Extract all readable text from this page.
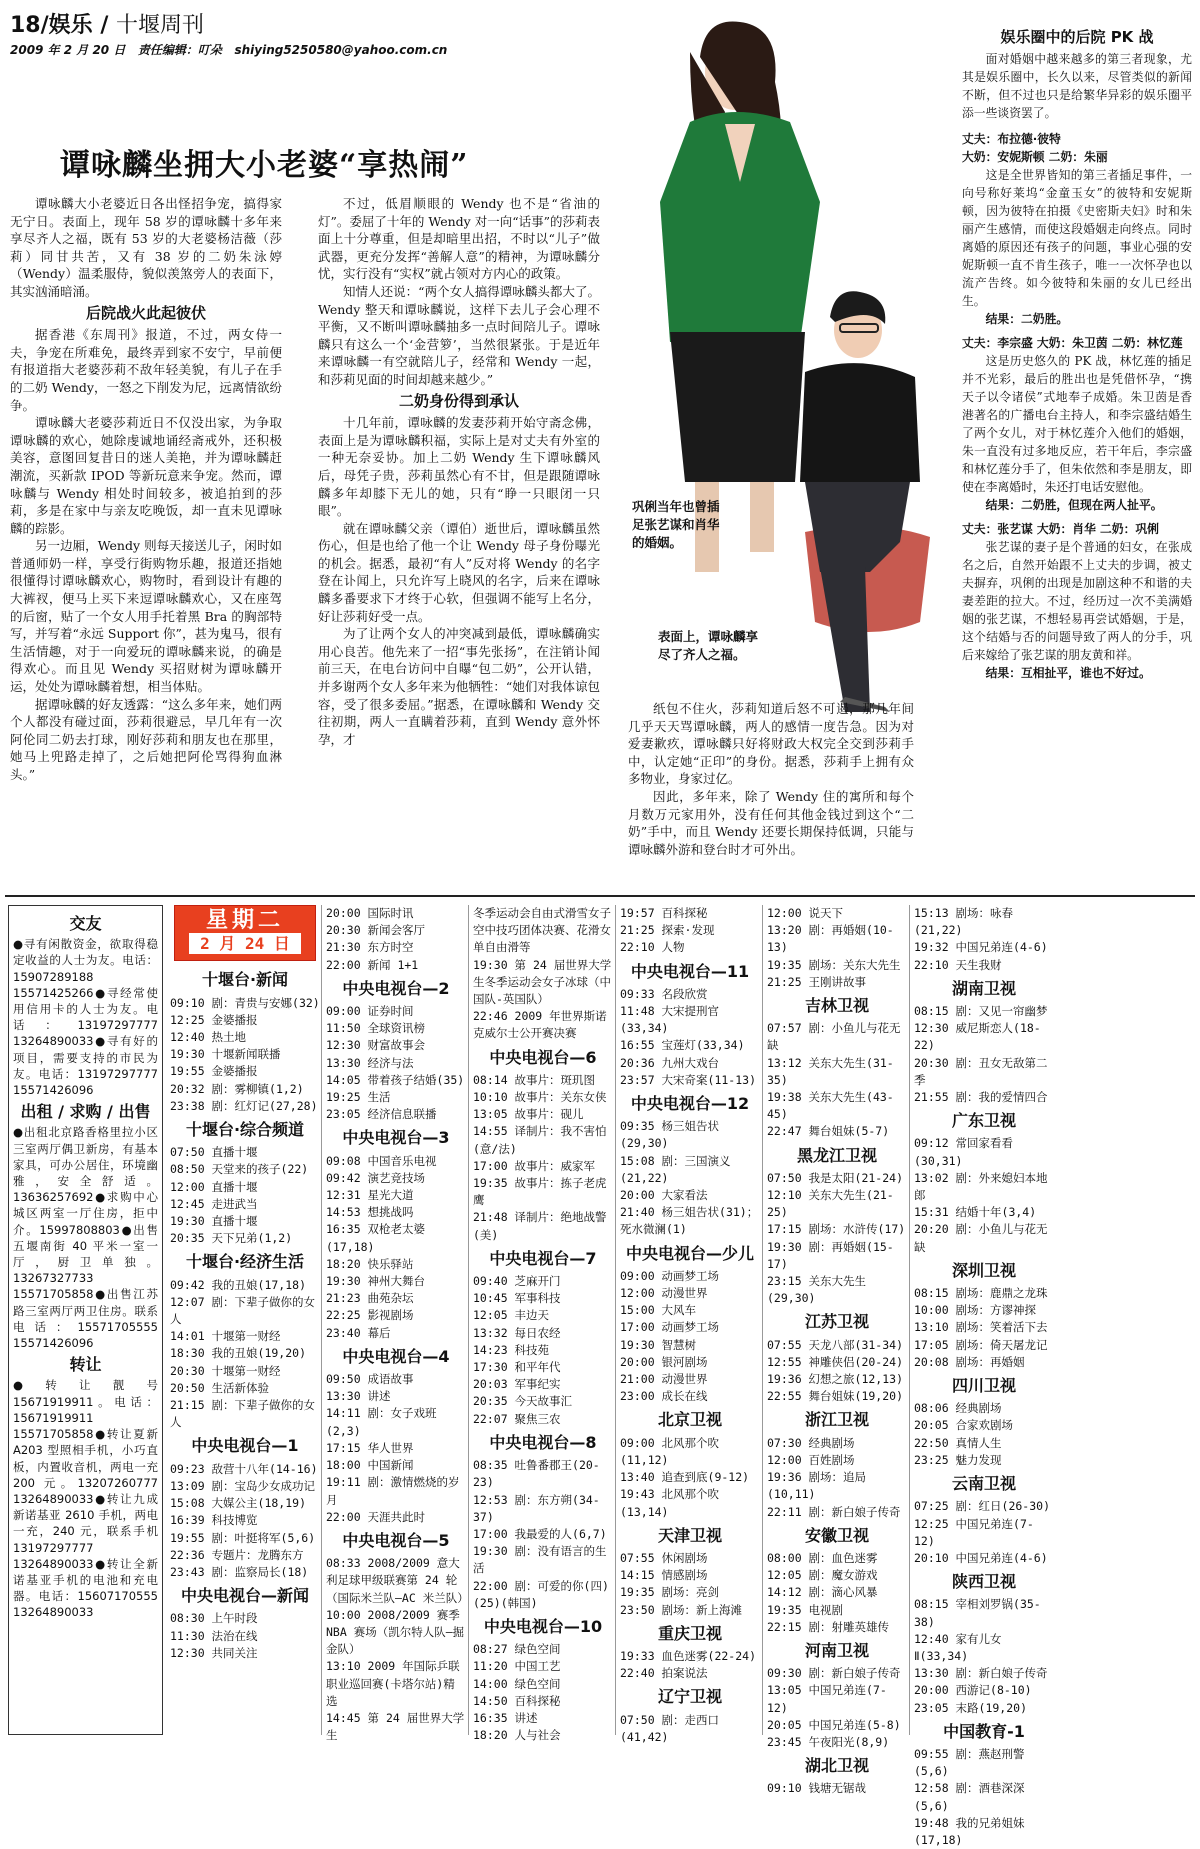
18/娱乐 / 十堰周刊
2009 年 2 月 20 日 责任编辑：叮朵 shiying5250580@yahoo.com.cn
谭咏麟坐拥大小老婆“享热闹”

谭咏麟大小老婆近日各出怪招争宠，搞得家无宁日。表面上，现年 58 岁的谭咏麟十多年来享尽齐人之福，既有 53 岁的大老婆杨洁薇（莎莉）同甘共苦，又有 38 岁的二奶朱泳婷（Wendy）温柔服侍，貌似羡煞旁人的表面下，其实汹涌暗涌。

后院战火此起彼伏

据香港《东周刊》报道，不过，两女侍一夫，争宠在所难免，最终弄到家不安宁，早前便有报道指大老婆莎莉不敌年轻美貌，有儿子在手的二奶 Wendy，一怒之下削发为尼，远离情欲纷争。

谭咏麟大老婆莎莉近日不仅没出家，为争取谭咏麟的欢心，她除虔诚地诵经斋戒外，还积极美容，意图回复昔日的迷人美艳，并为谭咏麟赶潮流，买新款 IPOD 等新玩意来争宠。然而，谭咏麟与 Wendy 相处时间较多，被追拍到的莎莉，多是在家中与亲友吃晚饭，却一直未见谭咏麟的踪影。

另一边厢，Wendy 则每天接送儿子，闲时如普通师奶一样，享受行街购物乐趣，报道还指她很懂得讨谭咏麟欢心，购物时，看到设计有趣的大裤衩，便马上买下来逗谭咏麟欢心，又在座驾的后窗，贴了一个女人用手托着黑 Bra 的胸部特写，并写着“永远 Support 你”，甚为鬼马，很有生活情趣，对于一向爱玩的谭咏麟来说，的确是得欢心。而且见 Wendy 买招财树为谭咏麟开运，处处为谭咏麟着想，相当体贴。

据谭咏麟的好友透露：“这么多年来，她们两个人都没有碰过面，莎莉很避忌，早几年有一次阿伦同二奶去打球，刚好莎莉和朋友也在那里，她马上兜路走掉了，之后她把阿伦骂得狗血淋头。”

不过，低眉顺眼的 Wendy 也不是“省油的灯”。委屈了十年的 Wendy 对一向“话事”的莎莉表面上十分尊重，但是却暗里出招，不时以“儿子”做武器，更充分发挥“善解人意”的精神，为谭咏麟分忧，实行没有“实权”就占领对方内心的政策。

知情人还说：“两个女人搞得谭咏麟头都大了。Wendy 整天和谭咏麟说，这样下去儿子会心理不平衡，又不断叫谭咏麟抽多一点时间陪儿子。谭咏麟只有这么一个‘金营箩’，当然很紧张。于是近年来谭咏麟一有空就陪儿子，经常和 Wendy 一起，和莎莉见面的时间却越来越少。”

二奶身份得到承认

十几年前，谭咏麟的发妻莎莉开始守斋念佛，表面上是为谭咏麟积福，实际上是对丈夫有外室的一种无奈妥协。加上二奶 Wendy 生下谭咏麟风后，母凭子贵，莎莉虽然心有不甘，但是跟随谭咏麟多年却膝下无儿的她，只有“睁一只眼闭一只眼”。

就在谭咏麟父亲（谭伯）逝世后，谭咏麟虽然伤心，但是也给了他一个让 Wendy 母子身份曝光的机会。据悉，最初“有人”反对将 Wendy 的名字登在讣闻上，只允许写上晓风的名字，后来在谭咏麟多番要求下才终于心软，但强调不能写上名分，好让莎莉好受一点。

为了让两个女人的冲突减到最低，谭咏麟确实用心良苦。他先来了一招“事先张扬”，在注销讣闻前三天，在电台访问中自曝“包二奶”，公开认错，并多谢两个女人多年来为他牺牲：“她们对我体谅包容，受了很多委屈。”据悉，在谭咏麟和 Wendy 交往初期，两人一直瞒着莎莉，直到 Wendy 意外怀孕，才

巩俐当年也曾插足张艺谋和肖华的婚姻。
表面上，谭咏麟享尽了齐人之福。

纸包不住火，莎莉知道后怒不可遏，那几年间几乎天天骂谭咏麟，两人的感情一度告急。因为对爱妻歉疚，谭咏麟只好将财政大权完全交到莎莉手中，认定她“正印”的身份。据悉，莎莉手上拥有众多物业，身家过亿。

因此，多年来，除了 Wendy 住的寓所和每个月数万元家用外，没有任何其他金钱过到这个“二奶”手中，而且 Wendy 还要长期保持低调，只能与谭咏麟外游和登台时才可外出。

娱乐圈中的后院 PK 战

面对婚姻中越来越多的第三者现象，尤其是娱乐圈中，长久以来，尽管类似的新闻不断，但不过也只是给繁华异彩的娱乐圈平添一些谈资罢了。

丈夫：布拉德·彼特
大奶：安妮斯顿 二奶：朱丽

这是全世界皆知的第三者插足事件，一向号称好莱坞“金童玉女”的彼特和安妮斯顿，因为彼特在拍摄《史密斯夫妇》时和朱丽产生感情，而使这段婚姻走向终点。同时离婚的原因还有孩子的问题，事业心强的安妮斯顿一直不肯生孩子，唯一一次怀孕也以流产告终。如今彼特和朱丽的女儿已经出生。

结果：二奶胜。

丈夫：李宗盛 大奶：朱卫茵 二奶：林忆莲

这是历史悠久的 PK 战，林忆莲的插足并不光彩，最后的胜出也是凭借怀孕，“携天子以令诸侯”式地奉子成婚。朱卫茵是香港著名的广播电台主持人，和李宗盛结婚生了两个女儿，对于林忆莲介入他们的婚姻，朱一直没有过多地反应，若干年后，李宗盛和林忆莲分手了，但朱依然和李是朋友，即使在李离婚时，朱还打电话安慰他。

结果：二奶胜，但现在两人扯平。

丈夫：张艺谋 大奶：肖华 二奶：巩俐

张艺谋的妻子是个普通的妇女，在张成名之后，自然开始跟不上丈夫的步调，被丈夫摒弃，巩俐的出现是加剧这种不和谐的夫妻差距的拉大。不过，经历过一次不美满婚姻的张艺谋，不想轻易再尝试婚姻，于是，这个结婚与否的问题导致了两人的分手，巩后来嫁给了张艺谋的朋友黄和祥。

结果：互相扯平，谁也不好过。
交友
●寻有闲散资金，欲取得稳定收益的人士为友。电话：15907289188 15571425266●寻经常使用信用卡的人士为友。电话：13197297777 13264890033●寻有好的项目，需要支持的市民为友。电话：13197297777 15571426096
出租 / 求购 / 出售
●出租北京路香格里拉小区三室两厅偶卫新房，有基本家具，可办公居住，环境幽雅，安全舒适。13636257692●求购中心城区两室一厅住房，拒中介。15997808803●出售五堰南街 40 平米一室一厅，厨卫单独。13267327733 15571705858●出售江苏路三室两厅两卫住房。联系电话：15571705555 15571426096
转让
●转让靓号 15671919911。电话：15671919911 15571705858●转让夏新 A203 型照相手机，小巧直板，内置收音机，两电一充 200 元。13207260777 13264890033●转让九成新诺基亚 2610 手机，两电一充，240 元，联系手机 13197297777 13264890033●转让全新诺基亚手机的电池和充电器。电话：15607170555 13264890033
星期二
2 月 24 日
十堰台·新闻
09:10 剧：青贵与安娜(32)
12:25 金婆播报
12:40 热土地
19:30 十堰新闻联播
19:55 金婆播报
20:32 剧：雾柳镇(1,2)
23:38 剧：红灯记(27,28)
十堰台·综合频道
07:50 直播十堰
08:50 天堂来的孩子(22)
12:00 直播十堰
12:45 走进武当
19:30 直播十堰
20:35 天下兄弟(1,2)
十堰台·经济生活
09:42 我的丑娘(17,18)
12:07 剧：下辈子做你的女人
14:01 十堰第一财经
18:30 我的丑娘(19,20)
20:30 十堰第一财经
20:50 生活新体验
21:15 剧：下辈子做你的女人
中央电视台—1
09:23 敌营十八年(14-16)
13:09 剧：宝岛少女成功记
15:08 大媒公主(18,19)
16:39 科技博览
19:55 剧：叶挺将军(5,6)
22:36 专题片：龙腾东方
23:43 剧：监察局长(18)
中央电视台—新闻
08:30 上午时段
11:30 法治在线
12:30 共同关注
20:00 国际时讯
20:30 新闻会客厅
21:30 东方时空
22:00 新闻 1+1
中央电视台—2
09:00 证券时间
11:50 全球资讯榜
12:30 财富故事会
13:30 经济与法
14:05 带着孩子结婚(35)
19:25 生活
23:05 经济信息联播
中央电视台—3
09:08 中国音乐电视
09:42 演艺竞技场
12:31 星光大道
14:53 想挑战吗
16:35 双枪老太婆(17,18)
18:20 快乐驿站
19:30 神州大舞台
21:23 曲苑杂坛
22:25 影视剧场
23:40 幕后
中央电视台—4
09:50 成语故事
13:30 讲述
14:11 剧：女子戏班(2,3)
17:15 华人世界
18:00 中国新闻
19:11 剧：激情燃烧的岁月
22:00 天涯共此时
中央电视台—5
08:33 2008/2009 意大利足球甲级联赛第 24 轮（国际米兰队—AC 米兰队）
10:00 2008/2009 赛季 NBA 赛场（凯尔特人队—掘金队）
13:10 2009 年国际乒联职业巡回赛(卡塔尔站)精选
14:45 第 24 届世界大学生
冬季运动会自由式滑雪女子空中技巧团体决赛、花滑女单自由滑等
19:30 第 24 届世界大学生冬季运动会女子冰球（中国队-英国队）
22:46 2009 年世界斯诺克威尔士公开赛决赛
中央电视台—6
08:14 故事片：斑玑图
10:10 故事片：关东女侠
13:05 故事片：砚儿
14:55 译制片：我不害怕(意/法)
17:00 故事片：威家军
19:35 故事片：拣子老虎鹰
21:48 译制片：绝地战警(美)
中央电视台—7
09:40 芝麻开门
10:45 军事科技
12:05 丰边天
13:32 每日农经
14:23 科技苑
17:30 和平年代
20:03 军事纪实
20:35 今天故事汇
22:07 聚焦三农
中央电视台—8
08:35 吐鲁番郡王(20-23)
12:53 剧：东方朔(34-37)
17:00 我最爱的人(6,7)
19:30 剧：没有语言的生活
22:00 剧：可爱的你(四)(25)(韩国)
中央电视台—10
08:27 绿色空间
11:20 中国工艺
14:00 绿色空间
14:50 百科探秘
16:35 讲述
18:20 人与社会
19:57 百科探秘
21:25 探索·发现
22:10 人物
中央电视台—11
09:33 名段欣赏
11:48 大宋提刑官(33,34)
16:55 宝莲灯(33,34)
20:36 九州大戏台
23:57 大宋奇案(11-13)
中央电视台—12
09:35 杨三姐告状(29,30)
15:08 剧：三国演义(21,22)
20:00 大家看法
21:40 杨三姐告状(31)；死水微澜(1)
中央电视台—少儿
09:00 动画梦工场
12:00 动漫世界
15:00 大风车
17:00 动画梦工场
19:30 智慧树
20:00 银河剧场
21:00 动漫世界
23:00 成长在线
北京卫视
09:00 北风那个吹(11,12)
13:40 追查到底(9-12)
19:43 北风那个吹(13,14)
天津卫视
07:55 休闲剧场
14:15 情感剧场
19:35 剧场：亮剑
23:50 剧场：新上海滩
重庆卫视
19:33 血色迷雾(22-24)
22:40 拍案说法
辽宁卫视
07:50 剧：走西口(41,42)
12:00 说天下
13:20 剧：再婚姻(10-13)
19:35 剧场：关东大先生
21:25 王刚讲故事
吉林卫视
07:57 剧：小鱼儿与花无缺
13:12 关东大先生(31-35)
19:38 关东大先生(43-45)
22:47 舞台姐妹(5-7)
黑龙江卫视
07:50 我是太阳(21-24)
12:10 关东大先生(21-25)
17:15 剧场：水浒传(17)
19:30 剧：再婚姻(15-17)
23:15 关东大先生(29,30)
江苏卫视
07:55 天龙八部(31-34)
12:55 神雕侠侣(20-24)
19:36 幻想之旅(12,13)
22:55 舞台姐妹(19,20)
浙江卫视
07:30 经典剧场
12:00 百姓剧场
19:36 剧场：追局(10,11)
22:11 剧：新白娘子传奇
安徽卫视
08:00 剧：血色迷雾
12:05 剧：魔女游戏
14:12 剧：滴心风暴
19:35 电视剧
22:15 剧：射雕英雄传
河南卫视
09:30 剧：新白娘子传奇
13:05 中国兄弟连(7-12)
20:05 中国兄弟连(5-8)
23:45 午夜阳光(8,9)
湖北卫视
09:10 钱塘无锯哉
15:13 剧场：咏春(21,22)
19:32 中国兄弟连(4-6)
22:10 天生我财
湖南卫视
08:15 剧：又见一帘幽梦
12:30 威尼斯恋人(18-22)
20:30 剧：丑女无敌第二季
21:55 剧：我的爱情四合
广东卫视
09:12 常回家看看(30,31)
13:02 剧：外来媳妇本地郎
15:31 结婚十年(3,4)
20:20 剧：小鱼儿与花无缺
深圳卫视
08:15 剧场：鹿鼎之龙珠
10:00 剧场：方谬神探
13:10 剧场：笑着活下去
17:05 剧场：倚天屠龙记
20:08 剧场：再婚姻
四川卫视
08:06 经典剧场
20:05 合家欢剧场
22:50 真情人生
23:25 魅力发现
云南卫视
07:25 剧：红日(26-30)
12:25 中国兄弟连(7-12)
20:10 中国兄弟连(4-6)
陕西卫视
08:15 宰相刘罗锅(35-38)
12:40 家有儿女Ⅱ(33,34)
13:30 剧：新白娘子传奇
20:00 西游记(8-10)
23:05 末路(19,20)
中国教育-1
09:55 剧：燕赵刑警(5,6)
12:58 剧：酒巷深深(5,6)
19:48 我的兄弟姐妹(17,18)
